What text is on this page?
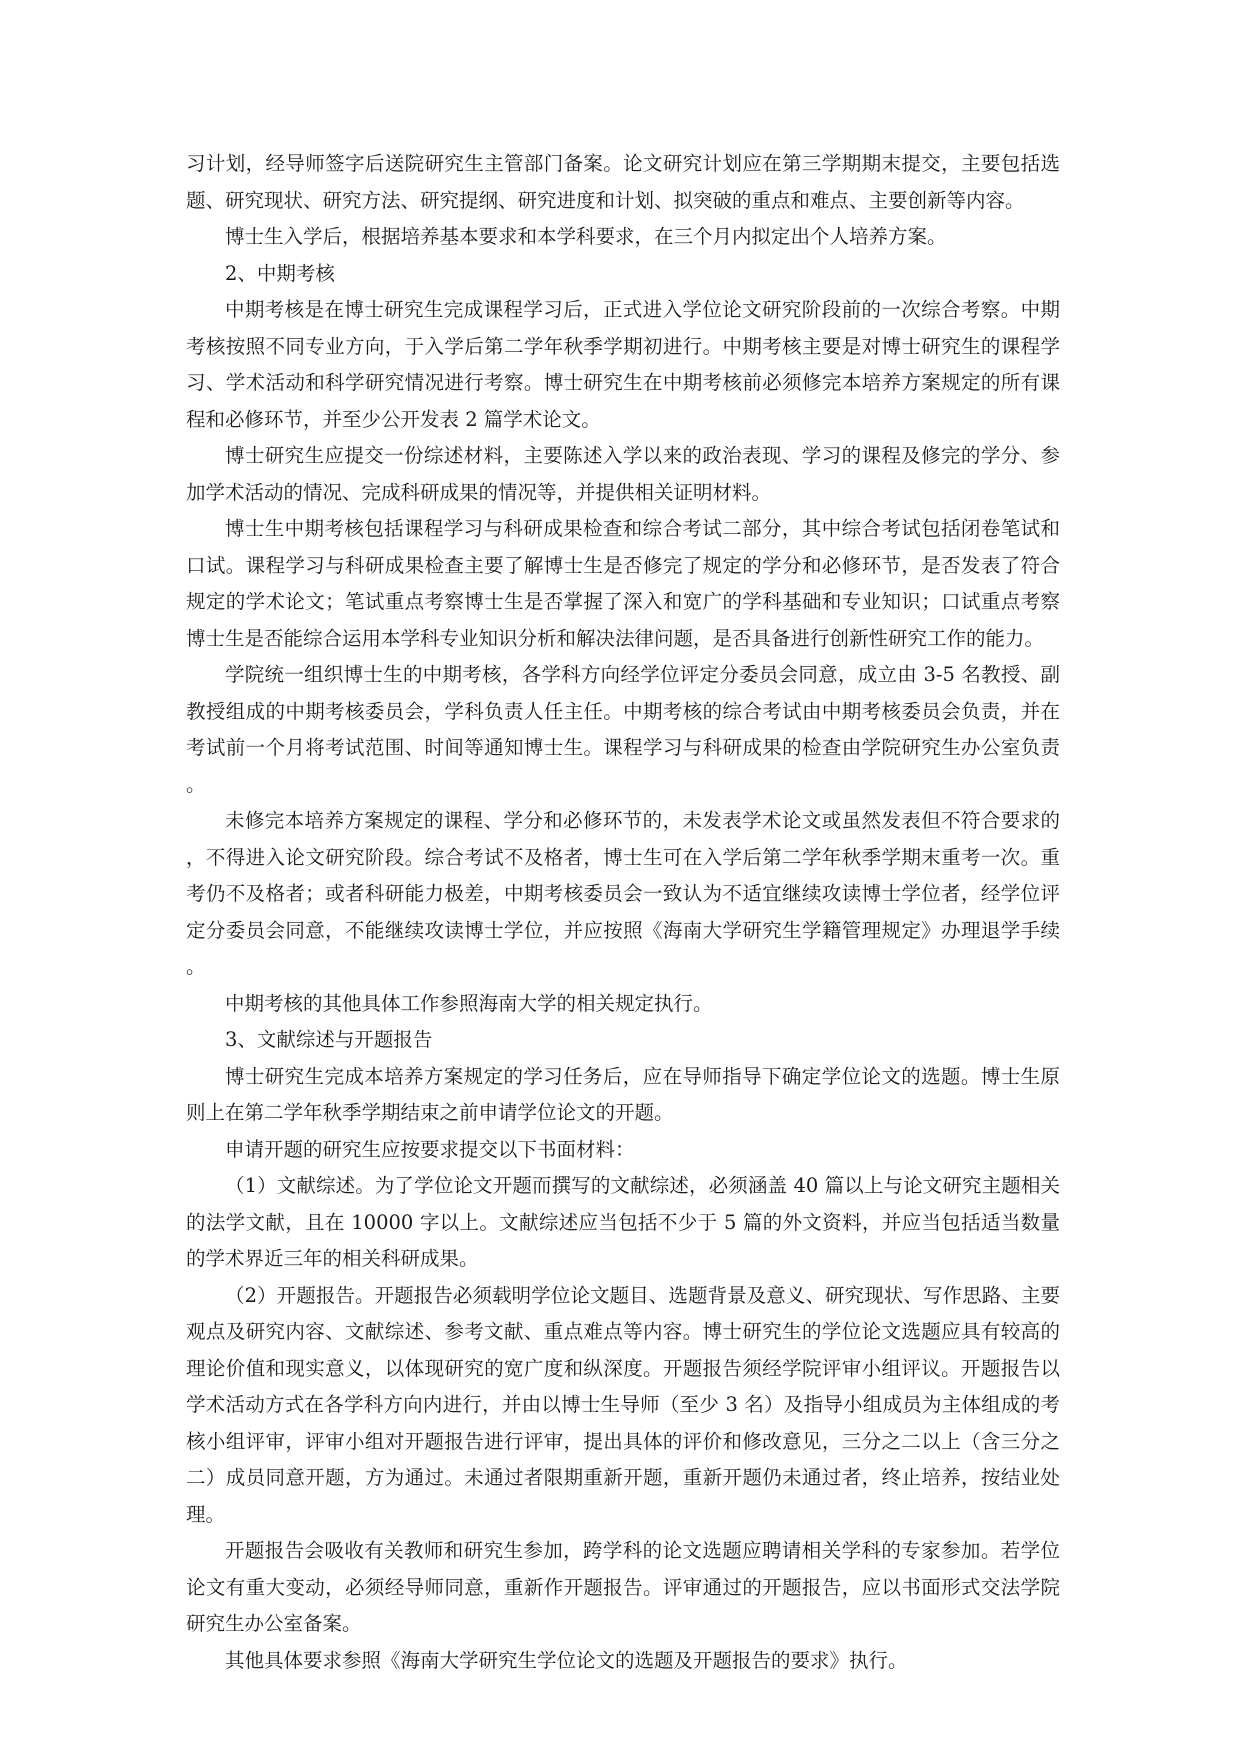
习计划，经导师签字后送院研究生主管部门备案。论文研究计划应在第三学期期末提交，主要包括选题、研究现状、研究方法、研究提纲、研究进度和计划、拟突破的重点和难点、主要创新等内容。

博士生入学后，根据培养基本要求和本学科要求，在三个月内拟定出个人培养方案。

2、中期考核

中期考核是在博士研究生完成课程学习后，正式进入学位论文研究阶段前的一次综合考察。中期考核按照不同专业方向，于入学后第二学年秋季学期初进行。中期考核主要是对博士研究生的课程学习、学术活动和科学研究情况进行考察。博士研究生在中期考核前必须修完本培养方案规定的所有课程和必修环节，并至少公开发表 2 篇学术论文。

博士研究生应提交一份综述材料，主要陈述入学以来的政治表现、学习的课程及修完的学分、参加学术活动的情况、完成科研成果的情况等，并提供相关证明材料。

博士生中期考核包括课程学习与科研成果检查和综合考试二部分，其中综合考试包括闭卷笔试和口试。课程学习与科研成果检查主要了解博士生是否修完了规定的学分和必修环节，是否发表了符合规定的学术论文；笔试重点考察博士生是否掌握了深入和宽广的学科基础和专业知识；口试重点考察博士生是否能综合运用本学科专业知识分析和解决法律问题，是否具备进行创新性研究工作的能力。

学院统一组织博士生的中期考核，各学科方向经学位评定分委员会同意，成立由 3-5 名教授、副教授组成的中期考核委员会，学科负责人任主任。中期考核的综合考试由中期考核委员会负责，并在考试前一个月将考试范围、时间等通知博士生。课程学习与科研成果的检查由学院研究生办公室负责。

未修完本培养方案规定的课程、学分和必修环节的，未发表学术论文或虽然发表但不符合要求的，不得进入论文研究阶段。综合考试不及格者，博士生可在入学后第二学年秋季学期末重考一次。重考仍不及格者；或者科研能力极差，中期考核委员会一致认为不适宜继续攻读博士学位者，经学位评定分委员会同意，不能继续攻读博士学位，并应按照《海南大学研究生学籍管理规定》办理退学手续。

中期考核的其他具体工作参照海南大学的相关规定执行。

3、文献综述与开题报告

博士研究生完成本培养方案规定的学习任务后，应在导师指导下确定学位论文的选题。博士生原则上在第二学年秋季学期结束之前申请学位论文的开题。

申请开题的研究生应按要求提交以下书面材料：

（1）文献综述。为了学位论文开题而撰写的文献综述，必须涵盖 40 篇以上与论文研究主题相关的法学文献，且在 10000 字以上。文献综述应当包括不少于 5 篇的外文资料，并应当包括适当数量的学术界近三年的相关科研成果。

（2）开题报告。开题报告必须载明学位论文题目、选题背景及意义、研究现状、写作思路、主要观点及研究内容、文献综述、参考文献、重点难点等内容。博士研究生的学位论文选题应具有较高的理论价值和现实意义，以体现研究的宽广度和纵深度。开题报告须经学院评审小组评议。开题报告以学术活动方式在各学科方向内进行，并由以博士生导师（至少 3 名）及指导小组成员为主体组成的考核小组评审，评审小组对开题报告进行评审，提出具体的评价和修改意见，三分之二以上（含三分之二）成员同意开题，方为通过。未通过者限期重新开题，重新开题仍未通过者，终止培养，按结业处理。

开题报告会吸收有关教师和研究生参加，跨学科的论文选题应聘请相关学科的专家参加。若学位论文有重大变动，必须经导师同意，重新作开题报告。评审通过的开题报告，应以书面形式交法学院研究生办公室备案。

其他具体要求参照《海南大学研究生学位论文的选题及开题报告的要求》执行。
